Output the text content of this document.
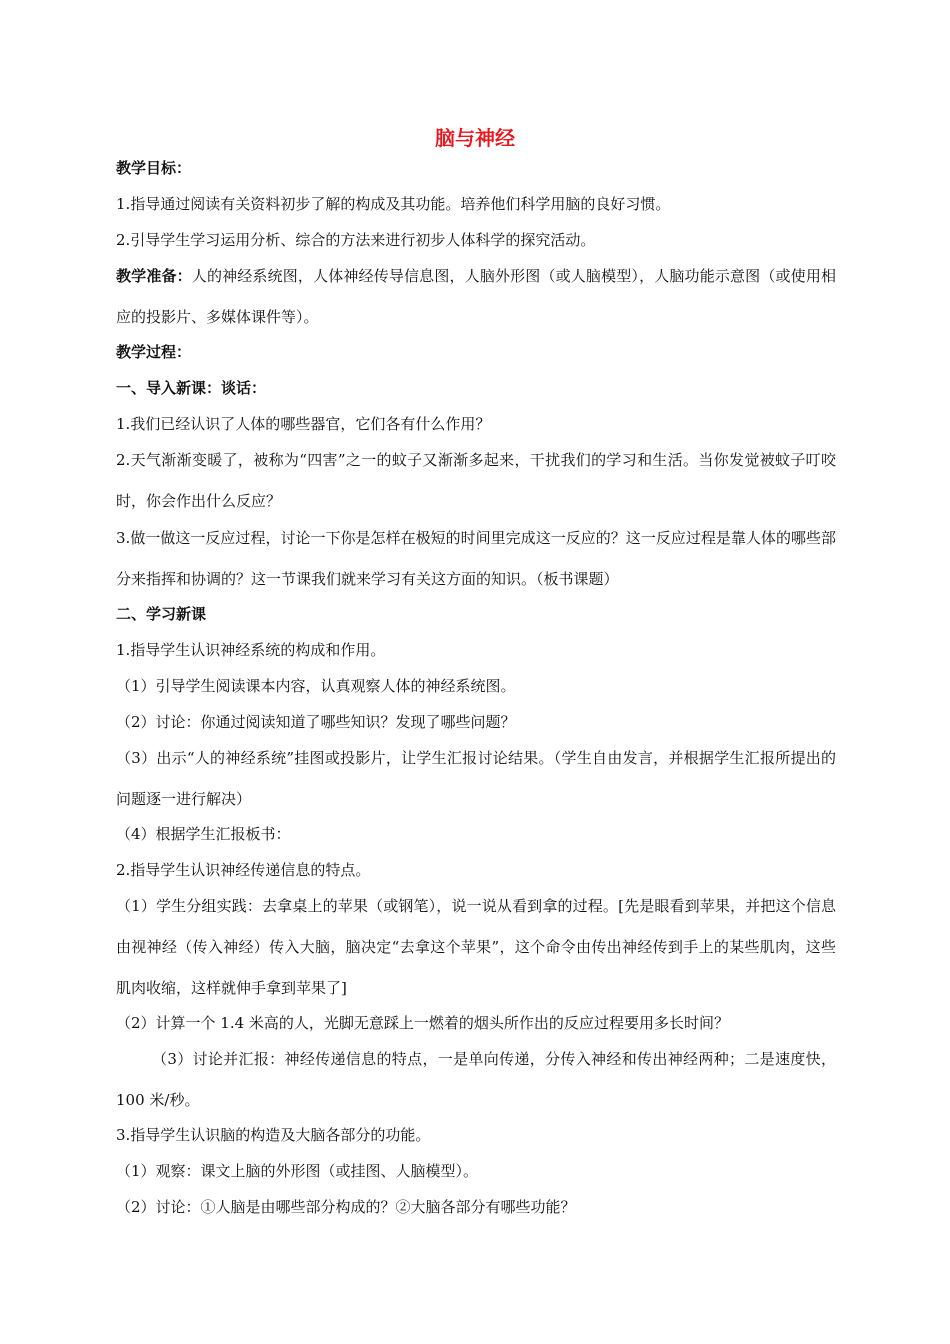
脑与神经

教学目标：

1.指导通过阅读有关资料初步了解的构成及其功能。培养他们科学用脑的良好习惯。

2.引导学生学习运用分析、综合的方法来进行初步人体科学的探究活动。

教学准备：人的神经系统图，人体神经传导信息图，人脑外形图（或人脑模型），人脑功能示意图（或使用相应的投影片、多媒体课件等）。

教学过程：

一、导入新课：谈话：

1.我们已经认识了人体的哪些器官，它们各有什么作用？

2.天气渐渐变暖了，被称为“四害”之一的蚊子又渐渐多起来，干扰我们的学习和生活。当你发觉被蚊子叮咬时，你会作出什么反应？

3.做一做这一反应过程，讨论一下你是怎样在极短的时间里完成这一反应的？这一反应过程是靠人体的哪些部分来指挥和协调的？这一节课我们就来学习有关这方面的知识。（板书课题）

二、学习新课

1.指导学生认识神经系统的构成和作用。

（1）引导学生阅读课本内容，认真观察人体的神经系统图。

（2）讨论：你通过阅读知道了哪些知识？发现了哪些问题？

（3）出示“人的神经系统”挂图或投影片，让学生汇报讨论结果。（学生自由发言，并根据学生汇报所提出的问题逐一进行解决）

（4）根据学生汇报板书：

2.指导学生认识神经传递信息的特点。

（1）学生分组实践：去拿桌上的苹果（或钢笔），说一说从看到拿的过程。[先是眼看到苹果，并把这个信息由视神经（传入神经）传入大脑，脑决定“去拿这个苹果”，这个命令由传出神经传到手上的某些肌肉，这些肌肉收缩，这样就伸手拿到苹果了]

（2）计算一个 1.4 米高的人，光脚无意踩上一燃着的烟头所作出的反应过程要用多长时间？

（3）讨论并汇报：神经传递信息的特点，一是单向传递，分传入神经和传出神经两种；二是速度快，100 米/秒。

3.指导学生认识脑的构造及大脑各部分的功能。

（1）观察：课文上脑的外形图（或挂图、人脑模型）。

（2）讨论：①人脑是由哪些部分构成的？②大脑各部分有哪些功能？
